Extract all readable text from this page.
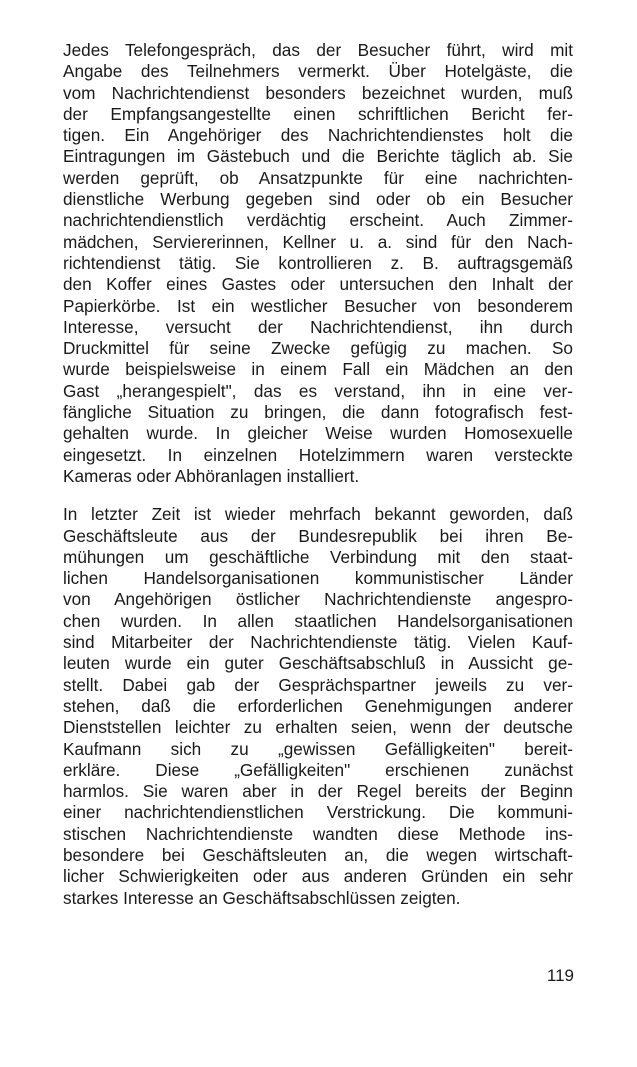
Jedes Telefongespräch, das der Besucher führt, wird mit
Angabe des Teilnehmers vermerkt. Über Hotelgäste, die
vom Nachrichtendienst besonders bezeichnet wurden, muß
der Empfangsangestellte einen schriftlichen Bericht fer-
tigen. Ein Angehöriger des Nachrichtendienstes holt die
Eintragungen im Gästebuch und die Berichte täglich ab. Sie
werden geprüft, ob Ansatzpunkte für eine nachrichten-
dienstliche Werbung gegeben sind oder ob ein Besucher
nachrichtendienstlich verdächtig erscheint. Auch Zimmer-
mädchen, Serviererinnen, Kellner u. a. sind für den Nach-
richtendienst tätig. Sie kontrollieren z. B. auftragsgemäß
den Koffer eines Gastes oder untersuchen den Inhalt der
Papierkörbe. Ist ein westlicher Besucher von besonderem
Interesse, versucht der Nachrichtendienst, ihn durch
Druckmittel für seine Zwecke gefügig zu machen. So
wurde beispielsweise in einem Fall ein Mädchen an den
Gast „herangespielt", das es verstand, ihn in eine ver-
fängliche Situation zu bringen, die dann fotografisch fest-
gehalten wurde. In gleicher Weise wurden Homosexuelle
eingesetzt. In einzelnen Hotelzimmern waren versteckte
Kameras oder Abhöranlagen installiert.
In letzter Zeit ist wieder mehrfach bekannt geworden, daß
Geschäftsleute aus der Bundesrepublik bei ihren Be-
mühungen um geschäftliche Verbindung mit den staat-
lichen Handelsorganisationen kommunistischer Länder
von Angehörigen östlicher Nachrichtendienste angespro-
chen wurden. In allen staatlichen Handelsorganisationen
sind Mitarbeiter der Nachrichtendienste tätig. Vielen Kauf-
leuten wurde ein guter Geschäftsabschluß in Aussicht ge-
stellt. Dabei gab der Gesprächspartner jeweils zu ver-
stehen, daß die erforderlichen Genehmigungen anderer
Dienststellen leichter zu erhalten seien, wenn der deutsche
Kaufmann sich zu „gewissen Gefälligkeiten" bereit-
erkläre. Diese „Gefälligkeiten" erschienen zunächst
harmlos. Sie waren aber in der Regel bereits der Beginn
einer nachrichtendienstlichen Verstrickung. Die kommuni-
stischen Nachrichtendienste wandten diese Methode ins-
besondere bei Geschäftsleuten an, die wegen wirtschaft-
licher Schwierigkeiten oder aus anderen Gründen ein sehr
starkes Interesse an Geschäftsabschlüssen zeigten.
119
